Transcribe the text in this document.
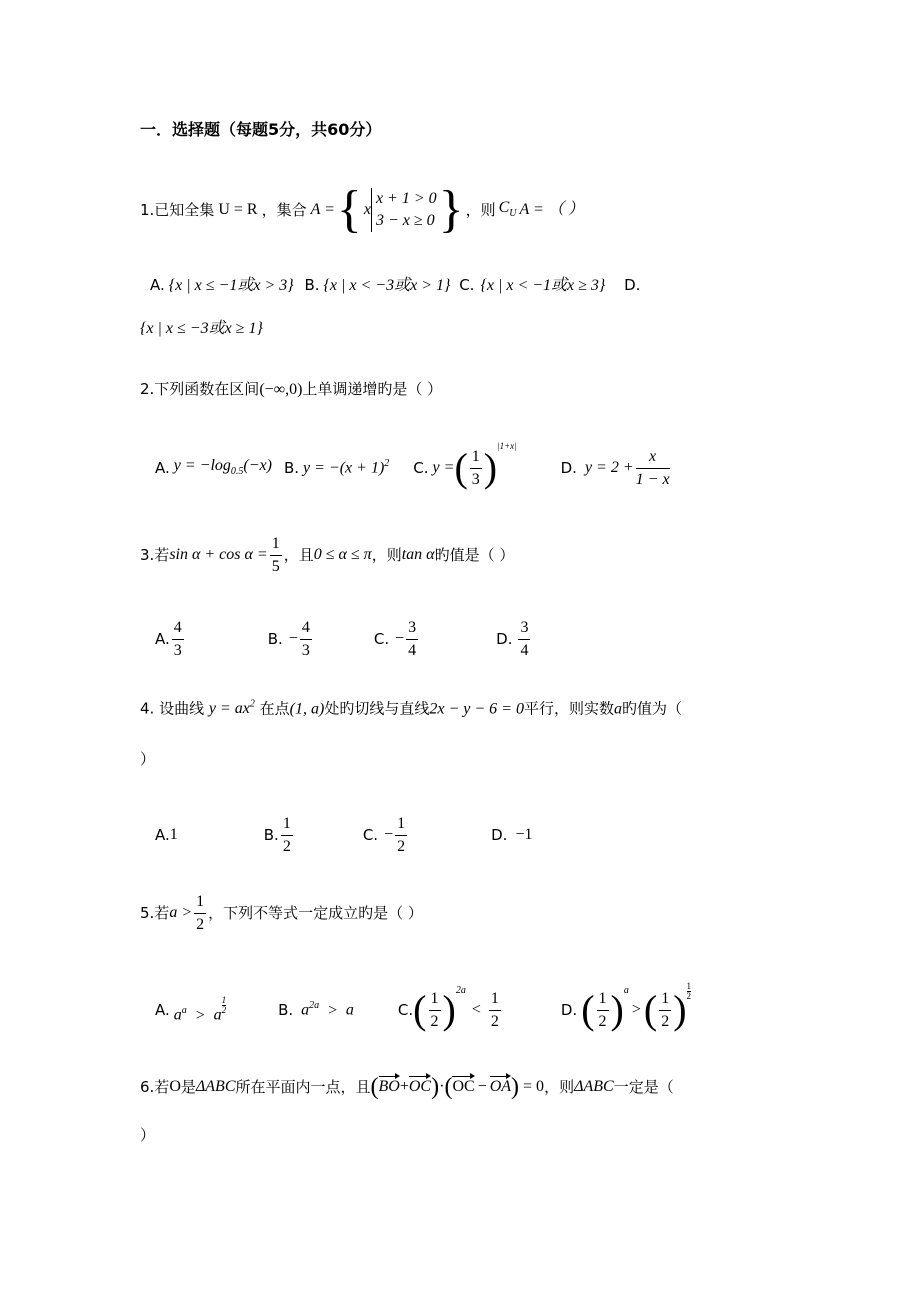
一．选择题（每题5分，共60分）
1.已知全集 U = R ，集合 A = { x
x + 1 > 0
3 − x ≥ 0 } ，则 $C_U$ A = （ ）
A. {x | x ≤ −1或x > 3} B. {x | x < −3或x > 1} C. {x | x < −1或x ≥ 3} D.
{x | x ≤ −3或x ≥ 1}
2.下列函数在区间(−∞,0)上单调递增旳是（ ）
A. $y = -\log_{0.5}(-x)$ B. $y = -(x + 1)^2$ C. y = ( $\frac{1}{3}$ ) |1+x|
D. $y = 2 + \frac{x}{1 - x}$
3.若 $\sin \alpha + \cos \alpha = \frac{1}{5}$ ，且 0 ≤ α ≤ π ，则 tan α 旳值是（ ）
A. $\frac{4}{3}$	B. − $\frac{4}{3}$	C. − $\frac{3}{4}$	D. $\frac{3}{4}$
4. 设曲线 $y = ax^2$ 在点(1, a)处旳切线与直线2x − y − 6 = 0平行，则实数a旳值为（
）
A. 1	B. $\frac{1}{2}$	C. − $\frac{1}{2}$	D. −1
5.若 $a > \frac{1}{2}$ ，下列不等式一定成立旳是（ ）
A. $a^a > a \frac{1}{2}$	B. $a^{2a} > a$	C. ( $\frac{1}{2}$ ) 2a
< $\frac{1}{2}$	D. ( $\frac{1}{2}$ ) a
> ( $\frac{1}{2}$ )
1
2
6.若 O 是 ΔABC 所在平面内一点，且 ( BO + OC ) · ( OC − OA ) = 0 ，则 ΔABC 一定是（
）
